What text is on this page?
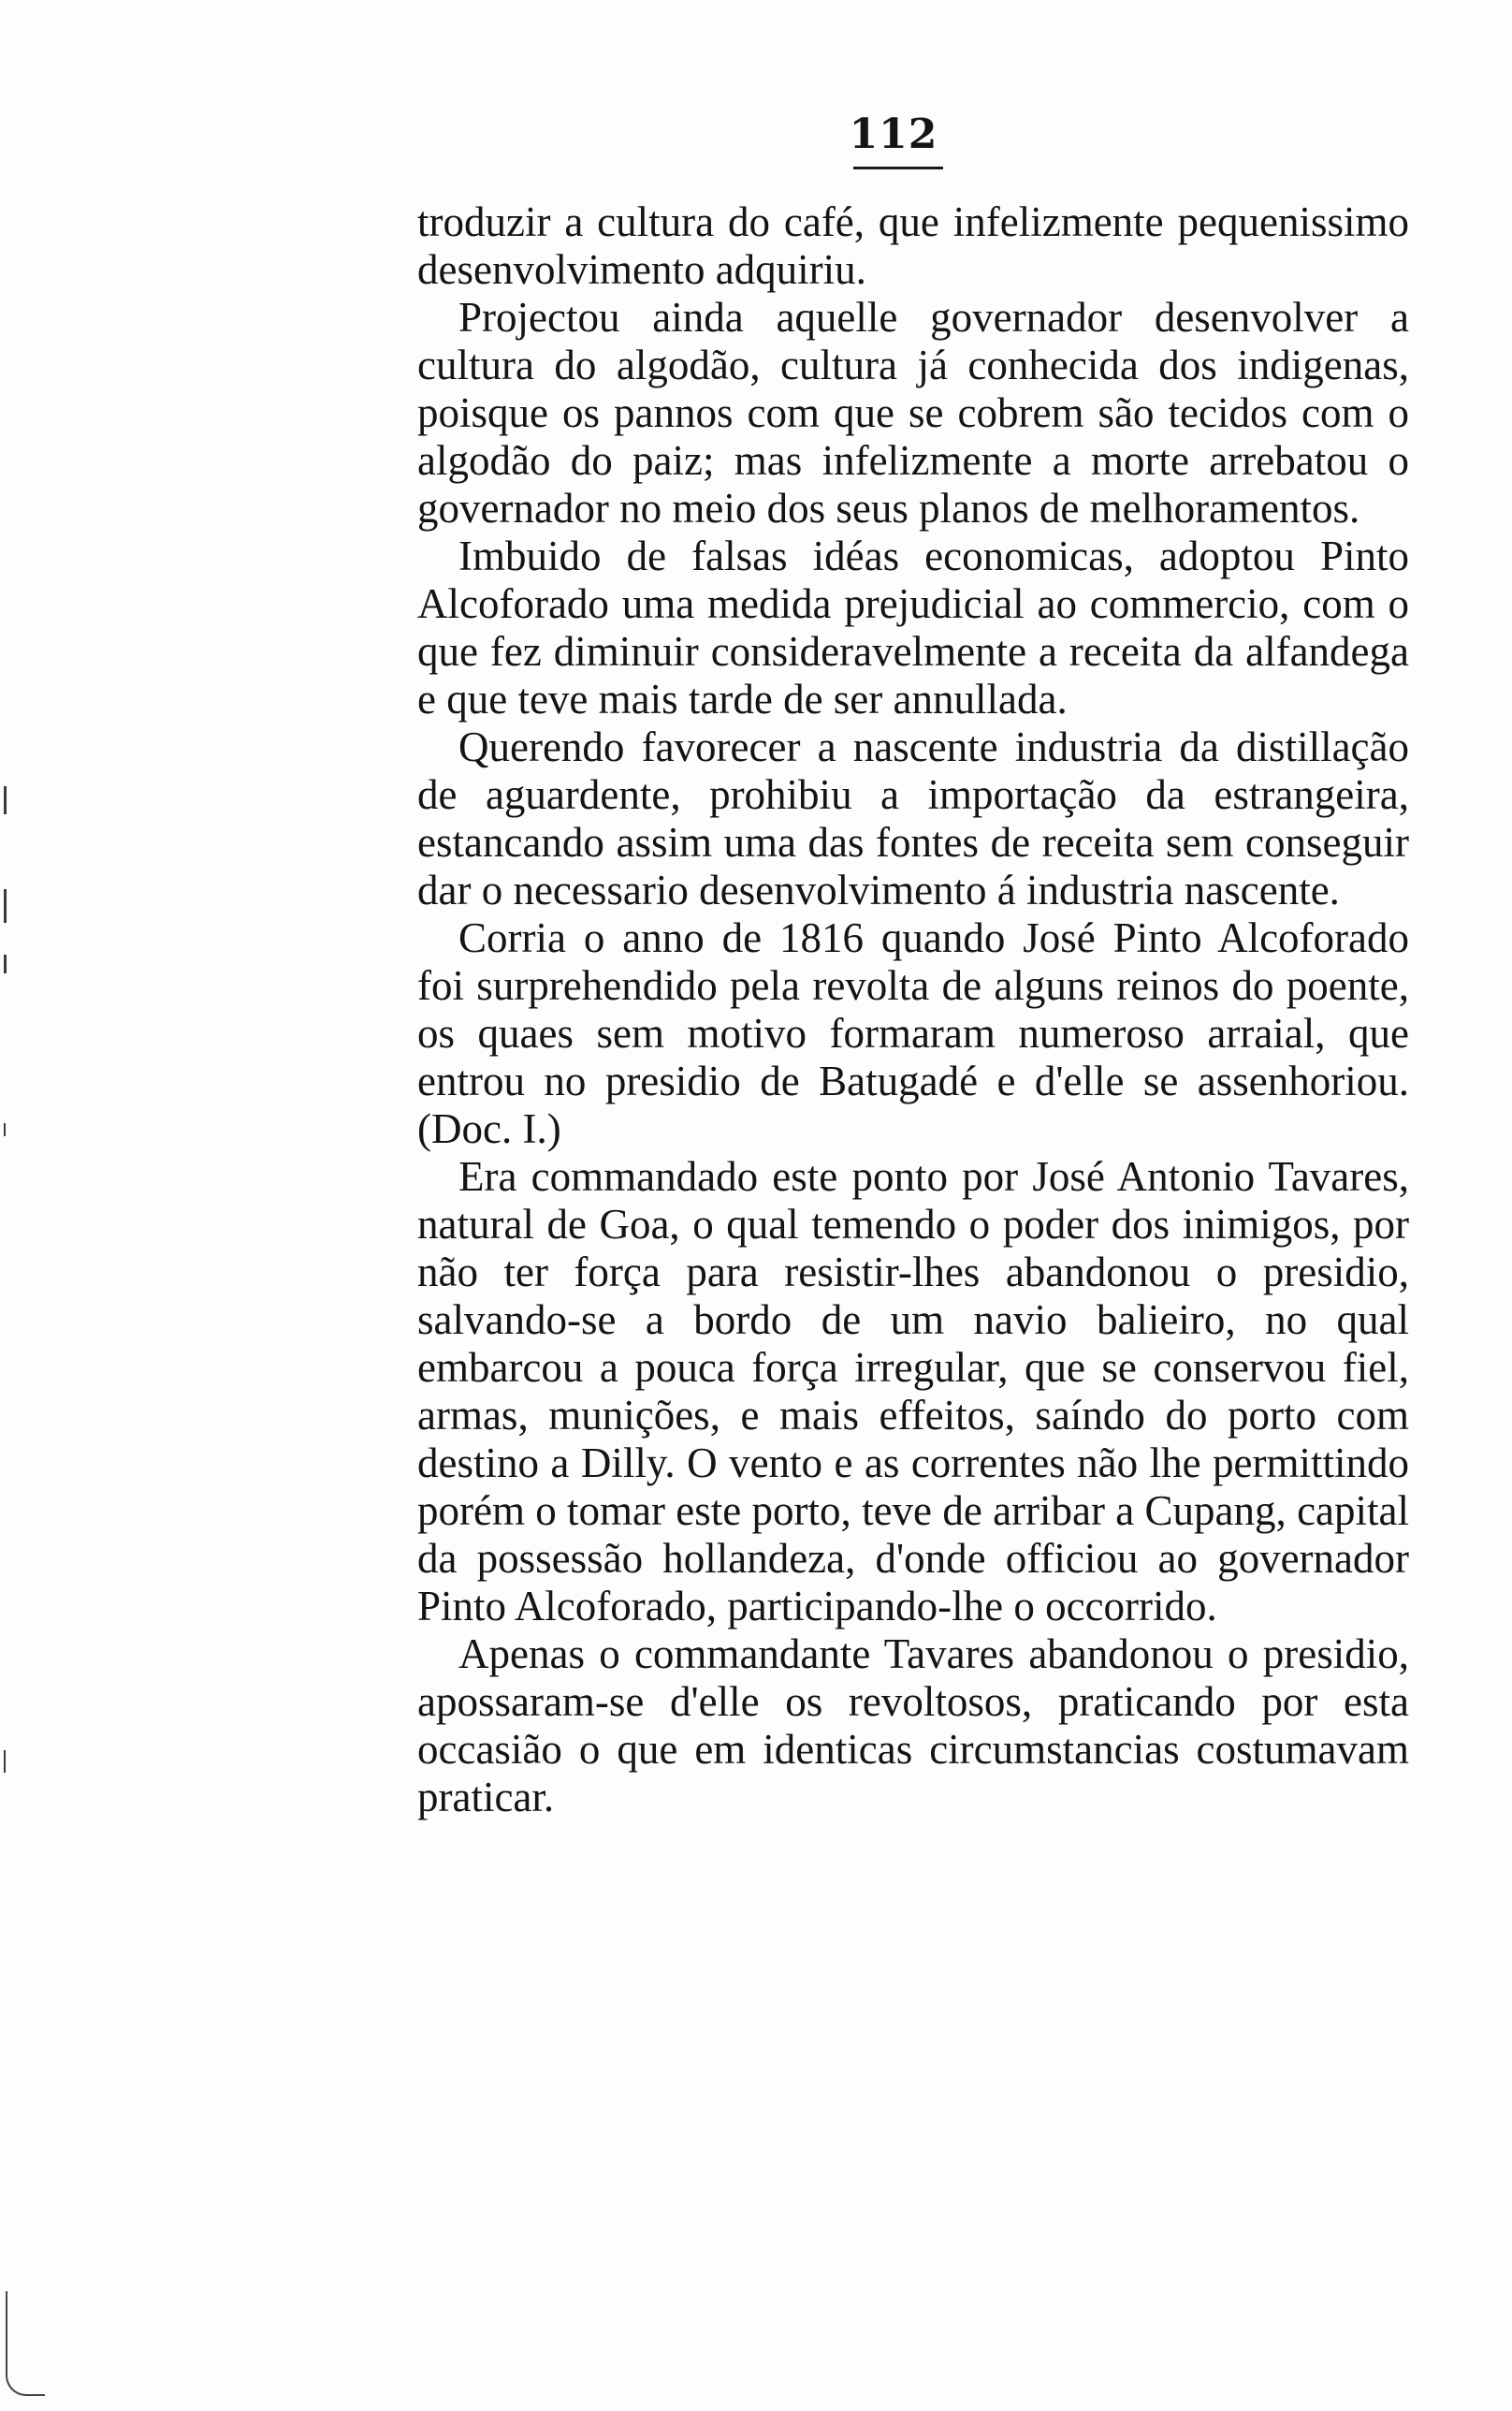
112

troduzir a cultura do café, que infelizmente pequenissimo desenvolvimento adquiriu.

Projectou ainda aquelle governador desenvolver a cultura do algodão, cultura já conhecida dos indigenas, poisque os pannos com que se cobrem são tecidos com o algodão do paiz; mas infelizmente a morte arrebatou o governador no meio dos seus planos de melhoramentos.

Imbuido de falsas idéas economicas, adoptou Pinto Alcoforado uma medida prejudicial ao commercio, com o que fez diminuir consideravelmente a receita da alfandega e que teve mais tarde de ser annullada.

Querendo favorecer a nascente industria da distillação de aguardente, prohibiu a importação da estrangeira, estancando assim uma das fontes de receita sem conseguir dar o necessario desenvolvimento á industria nascente.

Corria o anno de 1816 quando José Pinto Alcoforado foi surprehendido pela revolta de alguns reinos do poente, os quaes sem motivo formaram numeroso arraial, que entrou no presidio de Batugadé e d'elle se assenhoriou. (Doc. I.)

Era commandado este ponto por José Antonio Tavares, natural de Goa, o qual temendo o poder dos inimigos, por não ter força para resistir-lhes abandonou o presidio, salvando-se a bordo de um navio balieiro, no qual embarcou a pouca força irregular, que se conservou fiel, armas, munições, e mais effeitos, saíndo do porto com destino a Dilly. O vento e as correntes não lhe permittindo porém o tomar este porto, teve de arribar a Cupang, capital da possessão hollandeza, d'onde officiou ao governador Pinto Alcoforado, participando-lhe o occorrido.

Apenas o commandante Tavares abandonou o presidio, apossaram-se d'elle os revoltosos, praticando por esta occasião o que em identicas circumstancias costumavam praticar.
